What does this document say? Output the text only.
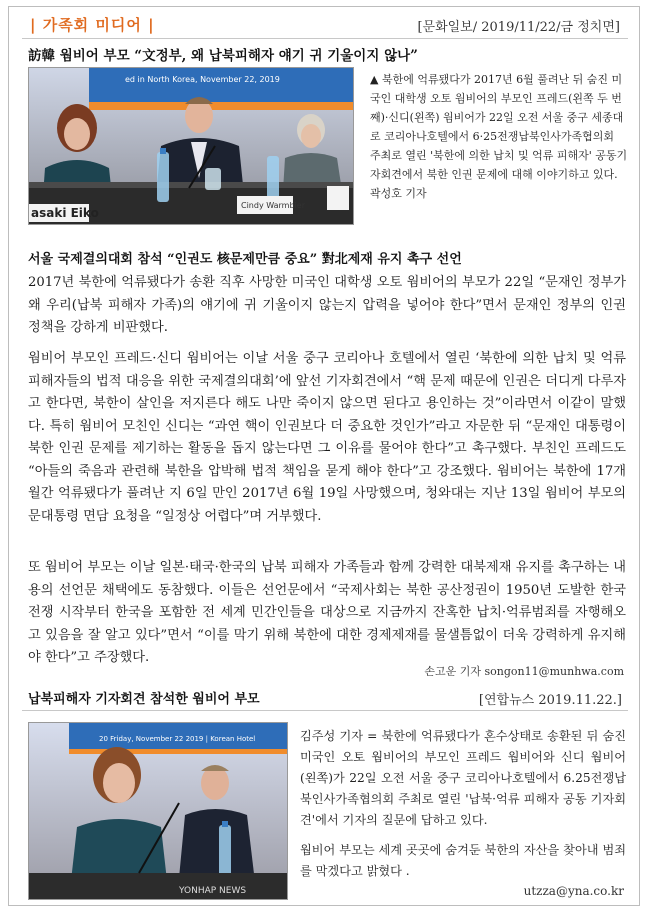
| 가족회 미디어 |	[문화일보/ 2019/11/22/금 정치면]
訪韓 웜비어 부모 “文정부, 왜 납북피해자 얘기 귀 기울이지 않나”
ed in North Korea, November 22, 2019
asaki Eiko
Cindy Warmbier
▲ 북한에 억류됐다가 2017년 6월 풀려난 뒤 숨진 미국인 대학생 오토 웜비어의 부모인 프레드(왼쪽 두 번째)·신디(왼쪽) 웜비어가 22일 오전 서울 중구 세종대로 코리아나호텔에서 6·25전쟁납북인사가족협의회 주최로 열린 '북한에 의한 납치 및 억류 피해자' 공동기자회견에서 북한 인권 문제에 대해 이야기하고 있다. 곽성호 기자
서울 국제결의대회 참석 “인권도 核문제만큼 중요” 對北제재 유지 촉구 선언
2017년 북한에 억류됐다가 송환 직후 사망한 미국인 대학생 오토 웜비어의 부모가 22일 “문재인 정부가 왜 우리(납북 피해자 가족)의 얘기에 귀 기울이지 않는지 압력을 넣어야 한다”면서 문재인 정부의 인권 정책을 강하게 비판했다.
웜비어 부모인 프레드·신디 웜비어는 이날 서울 중구 코리아나 호텔에서 열린 ‘북한에 의한 납치 및 억류 피해자들의 법적 대응을 위한 국제결의대회’에 앞선 기자회견에서 “핵 문제 때문에 인권은 더디게 다루자고 한다면, 북한이 살인을 저지른다 해도 나만 죽이지 않으면 된다고 용인하는 것”이라면서 이같이 말했다. 특히 웜비어 모친인 신디는 “과연 핵이 인권보다 더 중요한 것인가”라고 자문한 뒤 “문재인 대통령이 북한 인권 문제를 제기하는 활동을 돕지 않는다면 그 이유를 물어야 한다”고 촉구했다. 부친인 프레드도 “아들의 죽음과 관련해 북한을 압박해 법적 책임을 묻게 해야 한다”고 강조했다. 웜비어는 북한에 17개월간 억류됐다가 풀려난 지 6일 만인 2017년 6월 19일 사망했으며, 청와대는 지난 13일 웜비어 부모의 문대통령 면담 요청을 “일정상 어렵다”며 거부했다.
또 웜비어 부모는 이날 일본·태국·한국의 납북 피해자 가족들과 함께 강력한 대북제재 유지를 촉구하는 내용의 선언문 채택에도 동참했다. 이들은 선언문에서 “국제사회는 북한 공산정권이 1950년 도발한 한국전쟁 시작부터 한국을 포함한 전 세계 민간인들을 대상으로 지금까지 잔혹한 납치·억류범죄를 자행해오고 있음을 잘 알고 있다”면서 “이를 막기 위해 북한에 대한 경제제재를 물샐틈없이 더욱 강력하게 유지해야 한다”고 주장했다.
손고운 기자 songon11@munhwa.com
납북피해자 기자회견 참석한 웜비어 부모	[연합뉴스 2019.11.22.]
20 Friday, November 22 2019 | Korean Hotel
YONHAP NEWS
김주성 기자 = 북한에 억류됐다가 혼수상태로 송환된 뒤 숨진 미국인 오토 웜비어의 부모인 프레드 웜비어와 신디 웜비어(왼쪽)가 22일 오전 서울 중구 코리아나호텔에서 6.25전쟁납북인사가족협의회 주최로 열린 '납북·억류 피해자 공동 기자회견'에서 기자의 질문에 답하고 있다.
웜비어 부모는 세계 곳곳에 숨겨둔 북한의 자산을 찾아내 범죄를 막겠다고 밝혔다 .
utzza@yna.co.kr
